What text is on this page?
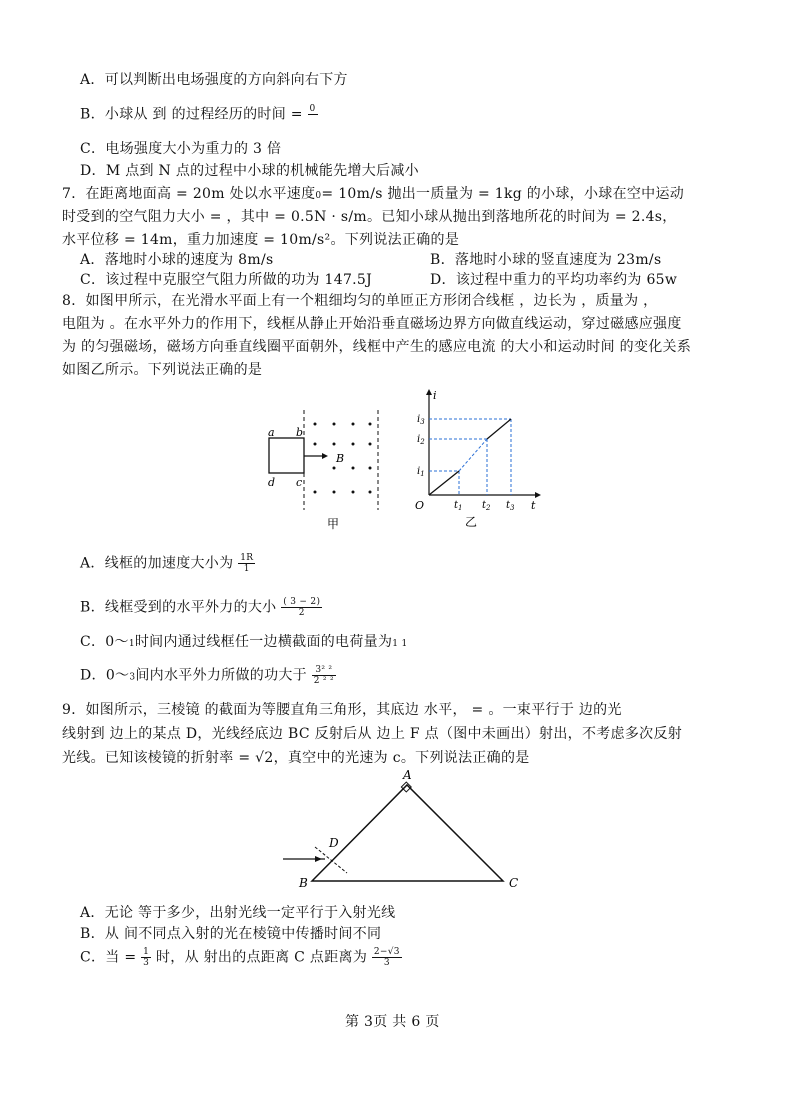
A．可以判断出电场强度的方向斜向右下方
B．小球从 到 的过程经历的时间 = 0

C．电场强度大小为重力的 3 倍
D．M 点到 N 点的过程中小球的机械能先增大后减小
7．在距离地面高 = 20m 处以水平速度0= 10m/s 抛出一质量为 = 1kg 的小球，小球在空中运动
时受到的空气阻力大小 = ，其中 = 0.5N · s/m。已知小球从抛出到落地所花的时间为 = 2.4s，
水平位移 = 14m，重力加速度 = 10m/s²。下列说法正确的是
A．落地时小球的速度为 8m/s	B．落地时小球的竖直速度为 23m/s
C．该过程中克服空气阻力所做的功为 147.5J	D．该过程中重力的平均功率约为 65w
8．如图甲所示，在光滑水平面上有一个粗细均匀的单匝正方形闭合线框 ，边长为 ，质量为 ，
电阻为 。在水平外力的作用下，线框从静止开始沿垂直磁场边界方向做直线运动，穿过磁感应强度
为 的匀强磁场，磁场方向垂直线圈平面朝外，线框中产生的感应电流 的大小和运动时间 的变化关系
如图乙所示。下列说法正确的是
a b
c
d
B
甲
i
t
O
$i_3$
$i_2$
$i_1$
$t_1$ $t_2$ $t_3$
乙
A．线框的加速度大小为 $\frac{1R}{1}$
B．线框受到的水平外力的大小 $\frac{( 3 - 2)}{2}$
C．0～1时间内通过线框任一边横截面的电荷量为1 1
D．0～3间内水平外力所做的功大于 $\frac{\text{3² ²}}{\text{2 ² ²}}$
9．如图所示，三棱镜 的截面为等腰直角三角形，其底边 水平， = 。一束平行于 边的光
线射到 边上的某点 D，光线经底边 BC 反射后从 边上 F 点（图中未画出）射出，不考虑多次反射
光线。已知该棱镜的折射率 = √2，真空中的光速为 c。下列说法正确的是
A
B	C
D
A．无论 等于多少，出射光线一定平行于入射光线
B．从 间不同点入射的光在棱镜中传播时间不同
C．当 = $\frac{1}{3}$ 时，从 射出的点距离 C 点距离为 $\frac{2-√3}{3}$
第 3页 共 6 页
